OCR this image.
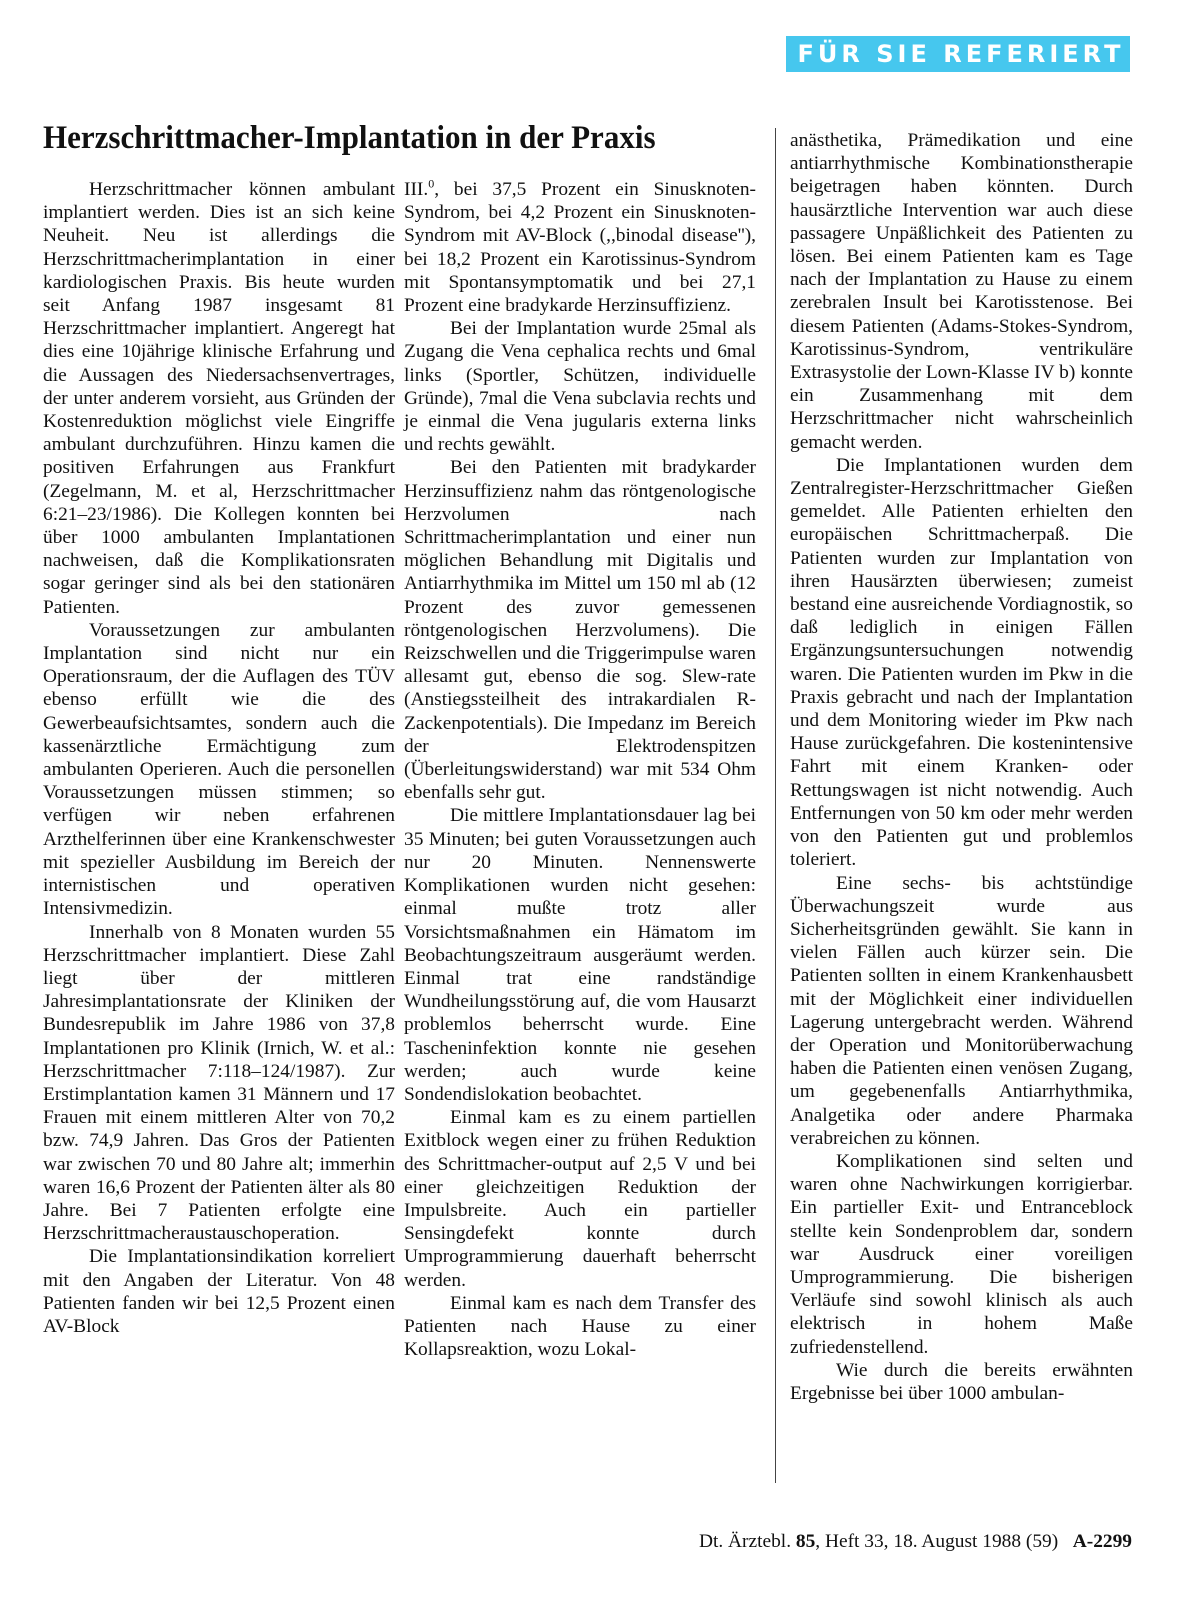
FÜR SIE REFERIERT
Herzschrittmacher-Implantation in der Praxis

Herzschrittmacher können ambulant implantiert werden. Dies ist an sich keine Neuheit. Neu ist allerdings die Herzschrittmacherimplantation in einer kardiologischen Praxis. Bis heute wurden seit Anfang 1987 insgesamt 81 Herzschrittmacher implantiert. Angeregt hat dies eine 10jährige klinische Erfahrung und die Aussagen des Niedersachsenvertrages, der unter anderem vorsieht, aus Gründen der Kostenreduktion möglichst viele Eingriffe ambulant durchzuführen. Hinzu kamen die positiven Erfahrungen aus Frankfurt (Zegelmann, M. et al, Herzschrittmacher 6:21–23/1986). Die Kollegen konnten bei über 1000 ambulanten Implantationen nachweisen, daß die Komplikationsraten sogar geringer sind als bei den stationären Patienten.

Voraussetzungen zur ambulanten Implantation sind nicht nur ein Operationsraum, der die Auflagen des TÜV ebenso erfüllt wie die des Gewerbeaufsichtsamtes, sondern auch die kassenärztliche Ermächtigung zum ambulanten Operieren. Auch die personellen Voraussetzungen müssen stimmen; so verfügen wir neben erfahrenen Arzthelferinnen über eine Krankenschwester mit spezieller Ausbildung im Bereich der internistischen und operativen Intensivmedizin.

Innerhalb von 8 Monaten wurden 55 Herzschrittmacher implantiert. Diese Zahl liegt über der mittleren Jahresimplantationsrate der Kliniken der Bundesrepublik im Jahre 1986 von 37,8 Implantationen pro Klinik (Irnich, W. et al.: Herzschrittmacher 7:118–124/1987). Zur Erstimplantation kamen 31 Männern und 17 Frauen mit einem mittleren Alter von 70,2 bzw. 74,9 Jahren. Das Gros der Patienten war zwischen 70 und 80 Jahre alt; immerhin waren 16,6 Prozent der Patienten älter als 80 Jahre. Bei 7 Patienten erfolgte eine Herzschrittmacheraustauschoperation.

Die Implantationsindikation korreliert mit den Angaben der Literatur. Von 48 Patienten fanden wir bei 12,5 Prozent einen AV-Block

III.$^0$, bei 37,5 Prozent ein Sinusknoten-Syndrom, bei 4,2 Prozent ein Sinusknoten-Syndrom mit AV-Block (,,binodal disease''), bei 18,2 Prozent ein Karotissinus-Syndrom mit Spontansymptomatik und bei 27,1 Prozent eine bradykarde Herzinsuffizienz.

Bei der Implantation wurde 25mal als Zugang die Vena cephalica rechts und 6mal links (Sportler, Schützen, individuelle Gründe), 7mal die Vena subclavia rechts und je einmal die Vena jugularis externa links und rechts gewählt.

Bei den Patienten mit bradykarder Herzinsuffizienz nahm das röntgenologische Herzvolumen nach Schrittmacherimplantation und einer nun möglichen Behandlung mit Digitalis und Antiarrhythmika im Mittel um 150 ml ab (12 Prozent des zuvor gemessenen röntgenologischen Herzvolumens). Die Reizschwellen und die Triggerimpulse waren allesamt gut, ebenso die sog. Slew-rate (Anstiegssteilheit des intrakardialen R-Zackenpotentials). Die Impedanz im Bereich der Elektrodenspitzen (Überleitungswiderstand) war mit 534 Ohm ebenfalls sehr gut.

Die mittlere Implantationsdauer lag bei 35 Minuten; bei guten Voraussetzungen auch nur 20 Minuten. Nennenswerte Komplikationen wurden nicht gesehen: einmal mußte trotz aller Vorsichtsmaßnahmen ein Hämatom im Beobachtungszeitraum ausgeräumt werden. Einmal trat eine randständige Wundheilungsstörung auf, die vom Hausarzt problemlos beherrscht wurde. Eine Tascheninfektion konnte nie gesehen werden; auch wurde keine Sondendislokation beobachtet.

Einmal kam es zu einem partiellen Exitblock wegen einer zu frühen Reduktion des Schrittmacher-output auf 2,5 V und bei einer gleichzeitigen Reduktion der Impulsbreite. Auch ein partieller Sensingdefekt konnte durch Umprogrammierung dauerhaft beherrscht werden.

Einmal kam es nach dem Transfer des Patienten nach Hause zu einer Kollapsreaktion, wozu Lokal-

anästhetika, Prämedikation und eine antiarrhythmische Kombinationstherapie beigetragen haben könnten. Durch hausärztliche Intervention war auch diese passagere Unpäßlichkeit des Patienten zu lösen. Bei einem Patienten kam es Tage nach der Implantation zu Hause zu einem zerebralen Insult bei Karotisstenose. Bei diesem Patienten (Adams-Stokes-Syndrom, Karotissinus-Syndrom, ventrikuläre Extrasystolie der Lown-Klasse IV b) konnte ein Zusammenhang mit dem Herzschrittmacher nicht wahrscheinlich gemacht werden.

Die Implantationen wurden dem Zentralregister-Herzschrittmacher Gießen gemeldet. Alle Patienten erhielten den europäischen Schrittmacherpaß. Die Patienten wurden zur Implantation von ihren Hausärzten überwiesen; zumeist bestand eine ausreichende Vordiagnostik, so daß lediglich in einigen Fällen Ergänzungsuntersuchungen notwendig waren. Die Patienten wurden im Pkw in die Praxis gebracht und nach der Implantation und dem Monitoring wieder im Pkw nach Hause zurückgefahren. Die kostenintensive Fahrt mit einem Kranken- oder Rettungswagen ist nicht notwendig. Auch Entfernungen von 50 km oder mehr werden von den Patienten gut und problemlos toleriert.

Eine sechs- bis achtstündige Überwachungszeit wurde aus Sicherheitsgründen gewählt. Sie kann in vielen Fällen auch kürzer sein. Die Patienten sollten in einem Krankenhausbett mit der Möglichkeit einer individuellen Lagerung untergebracht werden. Während der Operation und Monitorüberwachung haben die Patienten einen venösen Zugang, um gegebenenfalls Antiarrhythmika, Analgetika oder andere Pharmaka verabreichen zu können.

Komplikationen sind selten und waren ohne Nachwirkungen korrigierbar. Ein partieller Exit- und Entranceblock stellte kein Sondenproblem dar, sondern war Ausdruck einer voreiligen Umprogrammierung. Die bisherigen Verläufe sind sowohl klinisch als auch elektrisch in hohem Maße zufriedenstellend.

Wie durch die bereits erwähnten Ergebnisse bei über 1000 ambulan-

Dt. Ärztebl. 85, Heft 33, 18. August 1988 (59) A-2299
